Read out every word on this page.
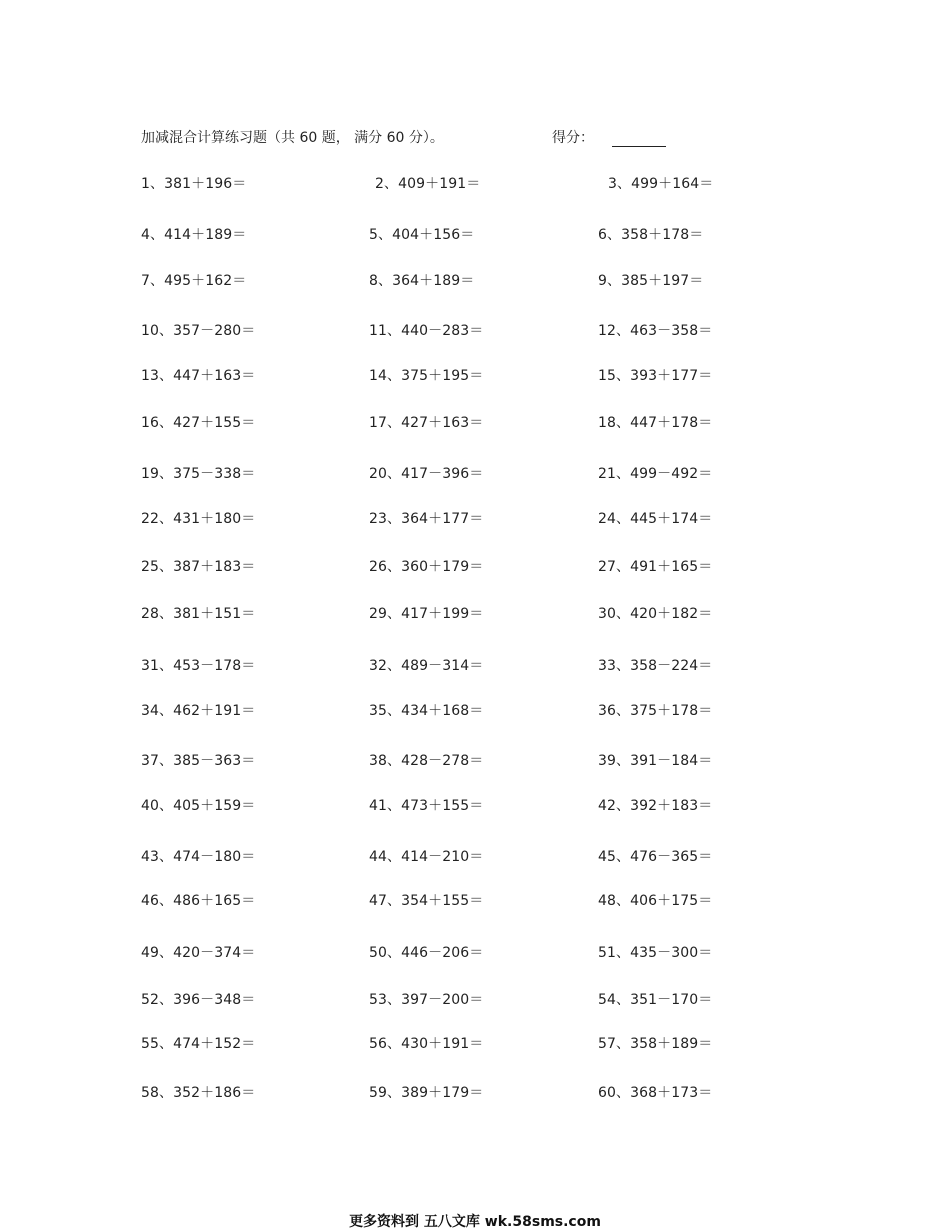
加减混合计算练习题（共 60 题， 满分 60 分）。	得分：
1、381＋196＝	2、409＋191＝	3、499＋164＝
4、414＋189＝	5、404＋156＝	6、358＋178＝
7、495＋162＝	8、364＋189＝	9、385＋197＝
10、357－280＝	11、440－283＝	12、463－358＝
13、447＋163＝	14、375＋195＝	15、393＋177＝
16、427＋155＝	17、427＋163＝	18、447＋178＝
19、375－338＝	20、417－396＝	21、499－492＝
22、431＋180＝	23、364＋177＝	24、445＋174＝
25、387＋183＝	26、360＋179＝	27、491＋165＝
28、381＋151＝	29、417＋199＝	30、420＋182＝
31、453－178＝	32、489－314＝	33、358－224＝
34、462＋191＝	35、434＋168＝	36、375＋178＝
37、385－363＝	38、428－278＝	39、391－184＝
40、405＋159＝	41、473＋155＝	42、392＋183＝
43、474－180＝	44、414－210＝	45、476－365＝
46、486＋165＝	47、354＋155＝	48、406＋175＝
49、420－374＝	50、446－206＝	51、435－300＝
52、396－348＝	53、397－200＝	54、351－170＝
55、474＋152＝	56、430＋191＝	57、358＋189＝
58、352＋186＝	59、389＋179＝	60、368＋173＝
更多资料到 五八文库 wk.58sms.com
